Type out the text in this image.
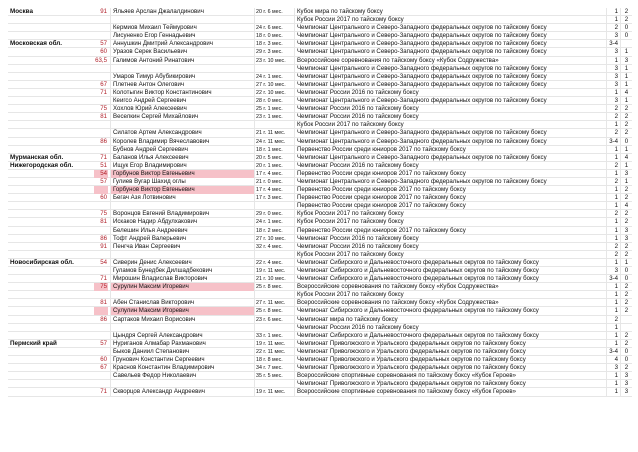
Москва	91 Яльяев Арслан Джалалдинович	20 г. 6 мес.	Кубок мира по тайскому боксу	1	2
Кубок России 2017 по тайскому боксу	1	2
Кермиов Михаил Теймурович	24 г. 6 мес.	Чемпионат Центрального и Северо-Западного федеральных округов по тайскому боксу	2	0
Лисуненко Егор Геннадьевич	18 г. 0 мес.	Чемпионат Центрального и Северо-Западного федеральных округов по тайскому боксу	3	0
Московская обл.	57 Аннушкин Дмитрий Александрович	18 г. 3 мес.	Чемпионат Центрального и Северо-Западного федеральных округов по тайскому боксу	3-4
60 Уразов Серек Васильевич	29 г. 3 мес.	Чемпионат Центрального и Северо-Западного федеральных округов по тайскому боксу	3	1
63,5 Галимов Антоний Ринатович	23 г. 10 мес.	Всероссийские соревнования по тайскому боксу «Кубок Содружества»	1	3
Чемпионат Центрального и Северо-Западного федеральных округов по тайскому боксу	3	1
Умаров Тимур Абубикирович	24 г. 1 мес.	Чемпионат Центрального и Северо-Западного федеральных округов по тайскому боксу	3	1
67 Плетнев Антон Олегович	27 г. 10 мес.	Чемпионат Центрального и Северо-Западного федеральных округов по тайскому боксу	3	1
71 Колотыгин Виктор Константинович	22 г. 10 мес.	Чемпионат России 2016 по тайскому боксу	1	4
Кеигсо Андрей Сергеевич	28 г. 0 мес.	Чемпионат Центрального и Северо-Западного федеральных округов по тайскому боксу	3	1
75 Хохлов Юрий Алексеевич	25 г. 1 мес.	Чемпионат России 2016 по тайскому боксу	2	2
81 Веселкин Сергей Михайлович	23 г. 1 мес.	Чемпионат России 2016 по тайскому боксу	2	2
Кубок России 2017 по тайскому боксу	1	2
Силатов Артем Александрович	21 г. 11 мес.	Чемпионат Центрального и Северо-Западного федеральных округов по тайскому боксу	2	2
86 Королев Владимир Вячеславович	24 г. 11 мес.	Чемпионат Центрального и Северо-Западного федеральных округов по тайскому боксу	3-4	0
Бубнов Андрей Сергеевич	18 г. 1 мес.	Первенство России среди юниоров 2017 по тайскому боксу	1	1
Мурманская обл.	71 Баланов Илья Алексеевич	20 г. 5 мес.	Чемпионат Центрального и Северо-Западного федеральных округов по тайскому боксу	1	4
Нижегородская обл.	51 Ищук Егор Владимирович	20 г. 1 мес.	Чемпионат России 2016 по тайскому боксу	2	1
54 Горбунов Виктор Евгеньевич	17 г. 4 мес.	Первенство России среди юниоров 2017 по тайскому боксу	1	3
57 Гулиев Вугар Шахид оглы	21 г. 0 мес.	Чемпионат Центрального и Северо-Западного федеральных округов по тайскому боксу	2	1
Горбунов Виктор Евгеньевич	17 г. 4 мес.	Первенство России среди юниоров 2017 по тайскому боксу	1	2
60 Бегач Азя Лотвинович	17 г. 3 мес.	Первенство России среди юниоров 2017 по тайскому боксу	1	2
Первенство России среди юниоров 2017 по тайскому боксу	1	4
75 Воронцов Евгений Владимирович	29 г. 0 мес.	Кубок России 2017 по тайскому боксу	2	2
81 Искаков Надир Абдулхакович	24 г. 1 мес.	Кубок России 2017 по тайскому боксу	1	2
Белешин Илья Андреевич	18 г. 2 мес.	Первенство России среди юниоров 2017 по тайскому боксу	1	3
86 Тофт Андрей Валерьевич	27 г. 10 мес.	Чемпионат России 2016 по тайскому боксу	1	3
91 Пенгча Иван Сергеевич	32 г. 4 мес.	Чемпионат России 2016 по тайскому боксу	2	2
Кубок России 2017 по тайскому боксу	2	2
Новосибирская обл.	54 Сиверин Денис Алексеевич	22 г. 4 мес.	Чемпионат Сибирского и Дальневосточного федеральных округов по тайскому боксу	1	1
Гуламов Бунедбек Дилшадбекович	19 г. 11 мес.	Чемпионат Сибирского и Дальневосточного федеральных округов по тайскому боксу	3	0
71 Мирошин Владислав Викторович	21 г. 10 мес.	Чемпионат Сибирского и Дальневосточного федеральных округов по тайскому боксу	3-4	0
75 Суpулин Максим Игоревич	25 г. 8 мес.	Всероссийские соревнования по тайскому боксу «Кубок Содружества»	1	2
Кубок России 2017 по тайскому боксу	1	2
81 Абен Станислав Викторович	27 г. 11 мес.	Всероссийские соревнования по тайскому боксу «Кубок Содружества»	1	2
Сулулин Максим Игоревич	25 г. 8 мес.	Чемпионат Сибирского и Дальневосточного федеральных округов по тайскому боксу	1	2
86 Сартаков Михаил Ворисович	23 г. 6 мес.	Чемпионат мира по тайскому боксу	2
Чемпионат России 2016 по тайскому боксу	1
Цындря Сергей Александрович	33 г. 1 мес.	Чемпионат Сибирского и Дальневосточного федеральных округов по тайскому боксу	1	2
Пермский край	57 Нуриганов Алмабар Рахманович	19 г. 11 мес.	Чемпионат Приволжского и Уральского федеральных округов по тайскому боксу	1	2
Быков Даниил Степанович	22 г. 11 мес.	Чемпионат Приволжского и Уральского федеральных округов по тайскому боксу	3-4	0
60 Грунович Константин Сергеевич	18 г. 8 мес.	Чемпионат Приволжского и Уральского федеральных округов по тайскому боксу	4	0
67 Краснов Константин Владимирович	34 г. 7 мес.	Чемпионат Приволжского и Уральского федеральных округов по тайскому боксу	3	2
Савельев Федор Николаевич	35 г. 5 мес.	Всероссийские спортивные соревнования по тайскому боксу «Кубок Героев»	1	3
Чемпионат Приволжского и Уральского федеральных округов по тайскому боксу	1	3
71 Скворцов Александр Андреевич	19 г. 11 мес.	Всероссийские спортивные соревнования по тайскому боксу «Кубок Героев»	1	3
